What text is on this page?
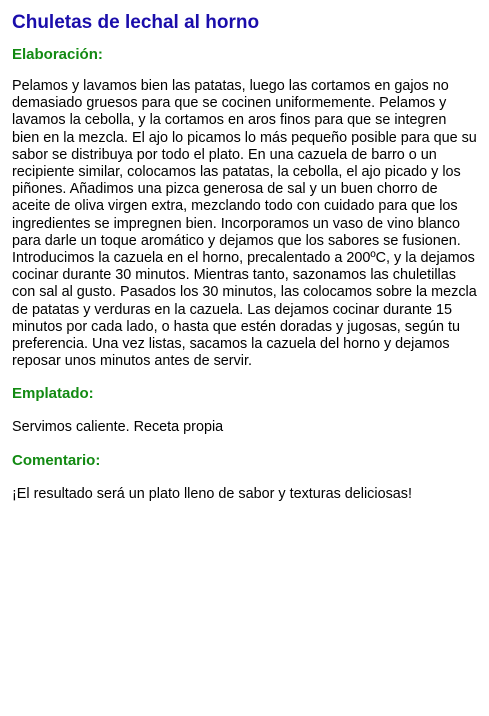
Chuletas de lechal al horno
Elaboración:

Pelamos y lavamos bien las patatas, luego las cortamos en gajos no demasiado gruesos para que se cocinen uniformemente. Pelamos y lavamos la cebolla, y la cortamos en aros finos para que se integren bien en la mezcla. El ajo lo picamos lo más pequeño posible para que su sabor se distribuya por todo el plato. En una cazuela de barro o un recipiente similar, colocamos las patatas, la cebolla, el ajo picado y los piñones. Añadimos una pizca generosa de sal y un buen chorro de aceite de oliva virgen extra, mezclando todo con cuidado para que los ingredientes se impregnen bien. Incorporamos un vaso de vino blanco para darle un toque aromático y dejamos que los sabores se fusionen. Introducimos la cazuela en el horno, precalentado a 200ºC, y la dejamos cocinar durante 30 minutos. Mientras tanto, sazonamos las chuletillas con sal al gusto. Pasados los 30 minutos, las colocamos sobre la mezcla de patatas y verduras en la cazuela. Las dejamos cocinar durante 15 minutos por cada lado, o hasta que estén doradas y jugosas, según tu preferencia. Una vez listas, sacamos la cazuela del horno y dejamos reposar unos minutos antes de servir.

Emplatado:

Servimos caliente. Receta propia

Comentario:

¡El resultado será un plato lleno de sabor y texturas deliciosas!
